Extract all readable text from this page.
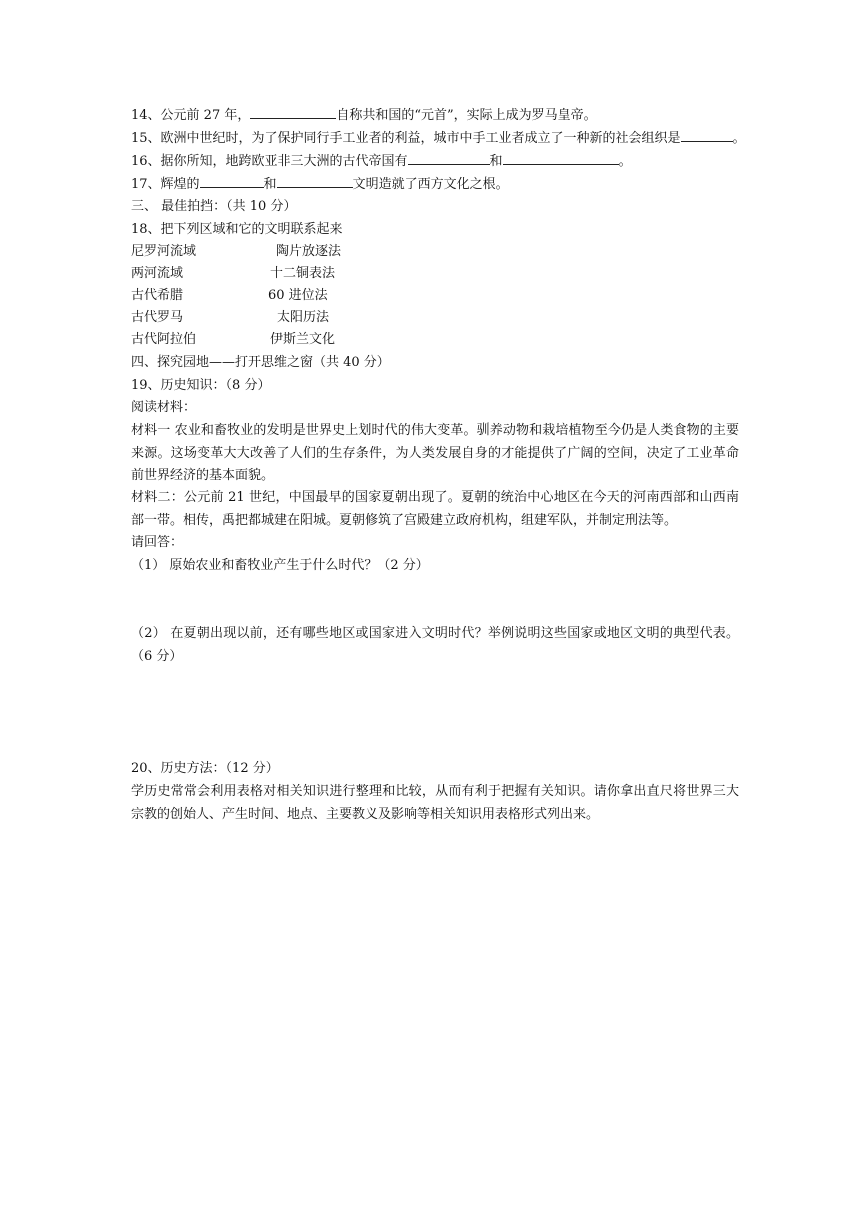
14、公元前 27 年，	自称共和国的“元首”，实际上成为罗马皇帝。
15、欧洲中世纪时，为了保护同行手工业者的利益，城市中手工业者成立了一种新的社会组织是	。
16、据你所知，地跨欧亚非三大洲的古代帝国有	和	。
17、辉煌的	和	文明造就了西方文化之根。
三、 最佳拍挡：（共 10 分）
18、把下列区域和它的文明联系起来
尼罗河流域	陶片放逐法
两河流域	十二铜表法
古代希腊	60 进位法
古代罗马	太阳历法
古代阿拉伯	伊斯兰文化
四、探究园地——打开思维之窗（共 40 分）
19、历史知识：（8 分）
阅读材料：
材料一 农业和畜牧业的发明是世界史上划时代的伟大变革。驯养动物和栽培植物至今仍是人类食物的主要来源。这场变革大大改善了人们的生存条件，为人类发展自身的才能提供了广阔的空间，决定了工业革命前世界经济的基本面貌。
材料二：公元前 21 世纪，中国最早的国家夏朝出现了。夏朝的统治中心地区在今天的河南西部和山西南部一带。相传，禹把都城建在阳城。夏朝修筑了宫殿建立政府机构，组建军队，并制定刑法等。
请回答：
（1） 原始农业和畜牧业产生于什么时代？（2 分）
（2） 在夏朝出现以前，还有哪些地区或国家进入文明时代？举例说明这些国家或地区文明的典型代表。（6 分）
20、历史方法：（12 分）
学历史常常会利用表格对相关知识进行整理和比较，从而有利于把握有关知识。请你拿出直尺将世界三大宗教的创始人、产生时间、地点、主要教义及影响等相关知识用表格形式列出来。
